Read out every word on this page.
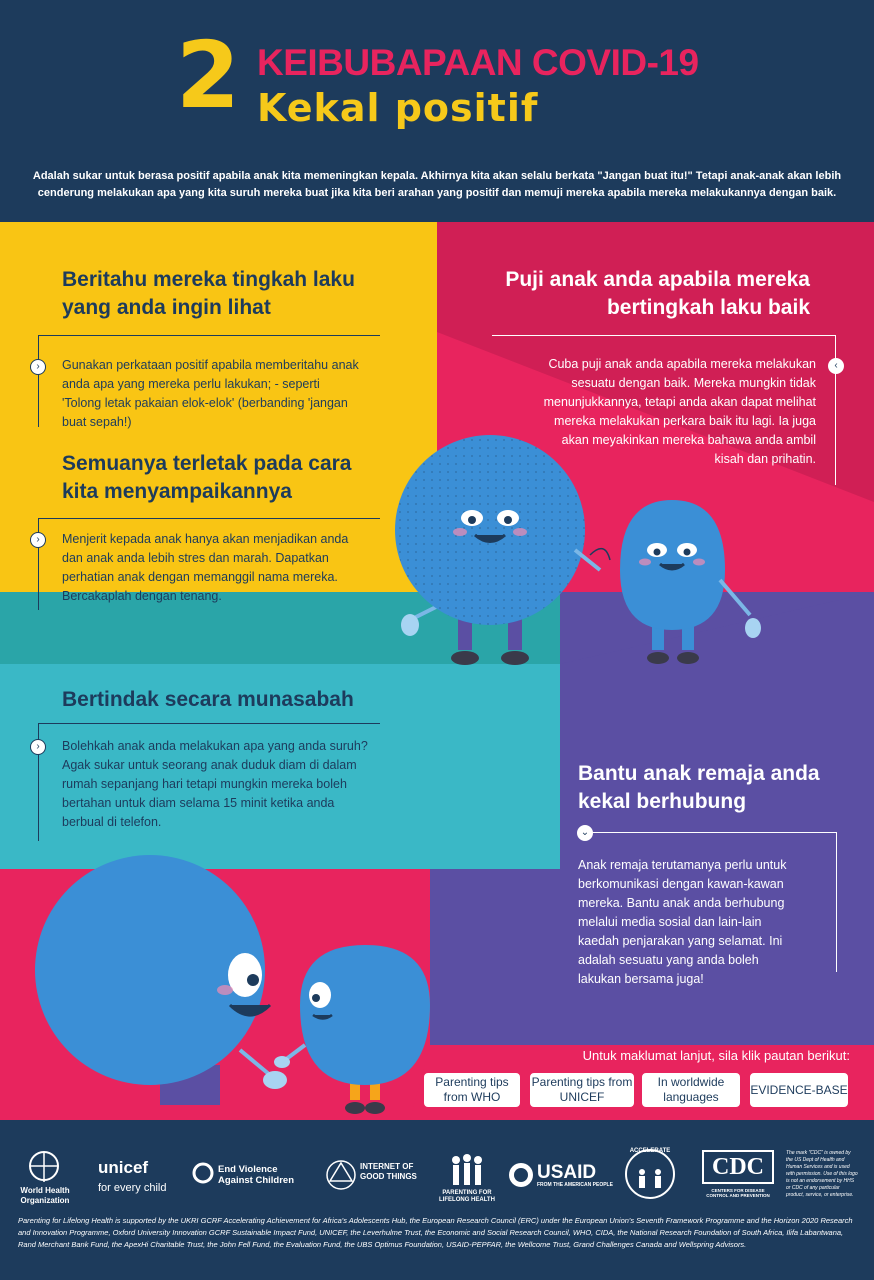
2 KEIBUBAPAAN COVID-19
Kekal positif
Adalah sukar untuk berasa positif apabila anak kita memeningkan kepala. Akhirnya kita akan selalu berkata "Jangan buat itu!" Tetapi anak-anak akan lebih cenderung melakukan apa yang kita suruh mereka buat jika kita beri arahan yang positif dan memuji mereka apabila mereka melakukannya dengan baik.
Beritahu mereka tingkah laku yang anda ingin lihat
›	Gunakan perkataan positif apabila memberitahu anak anda apa yang mereka perlu lakukan; - seperti 'Tolong letak pakaian elok-elok' (berbanding 'jangan buat sepah!)
Semuanya terletak pada cara kita menyampaikannya
›	Menjerit kepada anak hanya akan menjadikan anda dan anak anda lebih stres dan marah. Dapatkan perhatian anak dengan memanggil nama mereka. Bercakaplah dengan tenang.
Puji anak anda apabila mereka bertingkah laku baik
‹
Cuba puji anak anda apabila mereka melakukan sesuatu dengan baik. Mereka mungkin tidak menunjukkannya, tetapi anda akan dapat melihat mereka melakukan perkara baik itu lagi. Ia juga akan meyakinkan mereka bahawa anda ambil kisah dan prihatin.
Bertindak secara munasabah
›	Bolehkah anak anda melakukan apa yang anda suruh? Agak sukar untuk seorang anak duduk diam di dalam rumah sepanjang hari tetapi mungkin mereka boleh bertahan untuk diam selama 15 minit ketika anda berbual di telefon.
Bantu anak remaja anda kekal berhubung
⌄
Anak remaja terutamanya perlu untuk berkomunikasi dengan kawan-kawan mereka. Bantu anak anda berhubung melalui media sosial dan lain-lain kaedah penjarakan yang selamat. Ini adalah sesuatu yang anda boleh lakukan bersama juga!
Untuk maklumat lanjut, sila klik pautan berikut:
Parenting tips from WHO
Parenting tips from UNICEF
In worldwide languages
EVIDENCE-BASE
World Health Organization
unicef
for every child
End Violence Against Children
INTERNET OF GOOD THINGS
PARENTING FOR LIFELONG HEALTH
USAID
FROM THE AMERICAN PEOPLE
ACCELERATE
CDC
CENTERS FOR DISEASE CONTROL AND PREVENTION
The mark "CDC" is owned by the US Dept of Health and Human Services and is used with permission. Use of this logo is not an endorsement by HHS or CDC of any particular product, service, or enterprise.
Parenting for Lifelong Health is supported by the UKRI GCRF Accelerating Achievement for Africa's Adolescents Hub, the European Research Council (ERC) under the European Union's Seventh Framework Programme and the Horizon 2020 Research and Innovation Programme, Oxford University Innovation GCRF Sustainable Impact Fund, UNICEF, the Leverhulme Trust, the Economic and Social Research Council, WHO, CIDA, the National Research Foundation of South Africa, Ilifa Labantwana, Rand Merchant Bank Fund, the ApexHi Charitable Trust, the John Fell Fund, the Evaluation Fund, the UBS Optimus Foundation, USAID-PEPFAR, the Wellcome Trust, Grand Challenges Canada and Wellspring Advisors.
